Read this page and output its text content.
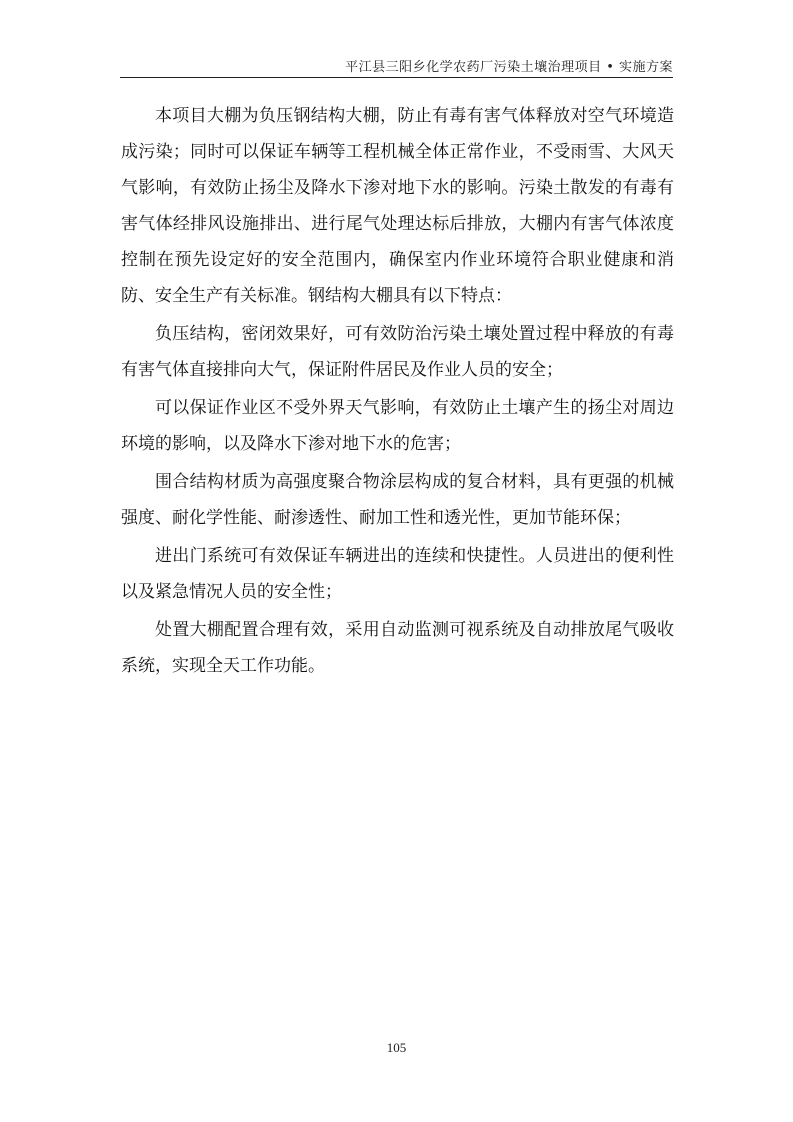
平江县三阳乡化学农药厂污染土壤治理项目 • 实施方案

本项目大棚为负压钢结构大棚，防止有毒有害气体释放对空气环境造成污染；同时可以保证车辆等工程机械全体正常作业，不受雨雪、大风天气影响，有效防止扬尘及降水下渗对地下水的影响。污染土散发的有毒有害气体经排风设施排出、进行尾气处理达标后排放，大棚内有害气体浓度控制在预先设定好的安全范围内，确保室内作业环境符合职业健康和消防、安全生产有关标准。钢结构大棚具有以下特点：

负压结构，密闭效果好，可有效防治污染土壤处置过程中释放的有毒有害气体直接排向大气，保证附件居民及作业人员的安全；

可以保证作业区不受外界天气影响，有效防止土壤产生的扬尘对周边环境的影响，以及降水下渗对地下水的危害；

围合结构材质为高强度聚合物涂层构成的复合材料，具有更强的机械强度、耐化学性能、耐渗透性、耐加工性和透光性，更加节能环保；

进出门系统可有效保证车辆进出的连续和快捷性。人员进出的便利性以及紧急情况人员的安全性；

处置大棚配置合理有效，采用自动监测可视系统及自动排放尾气吸收系统，实现全天工作功能。

105
